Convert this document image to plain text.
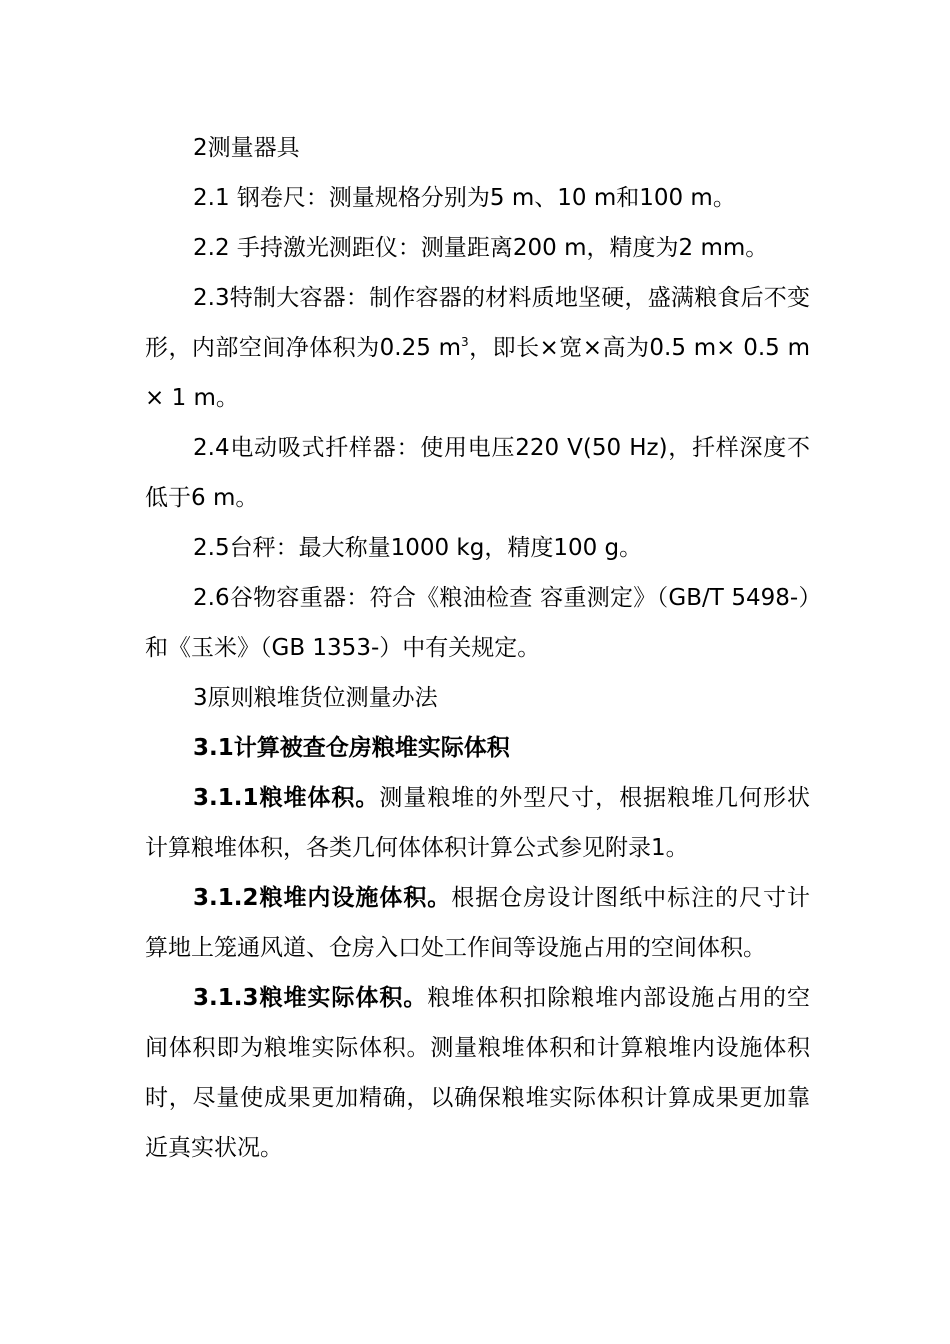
2测量器具

2.1 钢卷尺：测量规格分别为5 m、10 m和100 m。

2.2 手持激光测距仪：测量距离200 m，精度为2 mm。

2.3特制大容器：制作容器的材料质地坚硬，盛满粮食后不变形，内部空间净体积为0.25 $m^3$，即长×宽×高为0.5 m× 0.5 m× 1 m。

2.4电动吸式扦样器：使用电压220 V(50 Hz)，扦样深度不低于6 m。

2.5台秤：最大称量1000 kg，精度100 g。

2.6谷物容重器：符合《粮油检查 容重测定》（GB/T 5498-）和《玉米》（GB 1353-）中有关规定。

3原则粮堆货位测量办法

3.1计算被查仓房粮堆实际体积

3.1.1粮堆体积。测量粮堆的外型尺寸，根据粮堆几何形状计算粮堆体积，各类几何体体积计算公式参见附录1。

3.1.2粮堆内设施体积。根据仓房设计图纸中标注的尺寸计算地上笼通风道、仓房入口处工作间等设施占用的空间体积。

3.1.3粮堆实际体积。粮堆体积扣除粮堆内部设施占用的空间体积即为粮堆实际体积。测量粮堆体积和计算粮堆内设施体积时，尽量使成果更加精确，以确保粮堆实际体积计算成果更加靠近真实状况。
